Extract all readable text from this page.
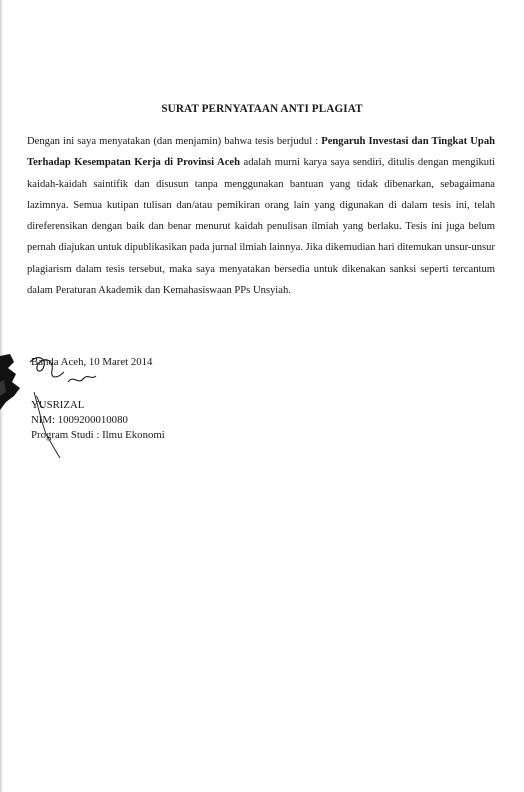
SURAT PERNYATAAN ANTI PLAGIAT
Dengan ini saya menyatakan (dan menjamin) bahwa tesis berjudul : Pengaruh Investasi dan Tingkat Upah Terhadap Kesempatan Kerja di Provinsi Aceh adalah murni karya saya sendiri, ditulis dengan mengikuti kaidah-kaidah saintifik dan disusun tanpa menggunakan bantuan yang tidak dibenarkan, sebagaimana lazimnya. Semua kutipan tulisan dan/atau pemikiran orang lain yang digunakan di dalam tesis ini, telah direferensikan dengan baik dan benar menurut kaidah penulisan ilmiah yang berlaku. Tesis ini juga belum pernah diajukan untuk dipublikasikan pada jurnal ilmiah lainnya. Jika dikemudian hari ditemukan unsur-unsur plagiarism dalam tesis tersebut, maka saya menyatakan bersedia untuk dikenakan sanksi seperti tercantum dalam Peraturan Akademik dan Kemahasiswaan PPs Unsyiah.
Banda Aceh, 10 Maret 2014
YUSRIZAL
NIM: 1009200010080
Program Studi : Ilmu Ekonomi
